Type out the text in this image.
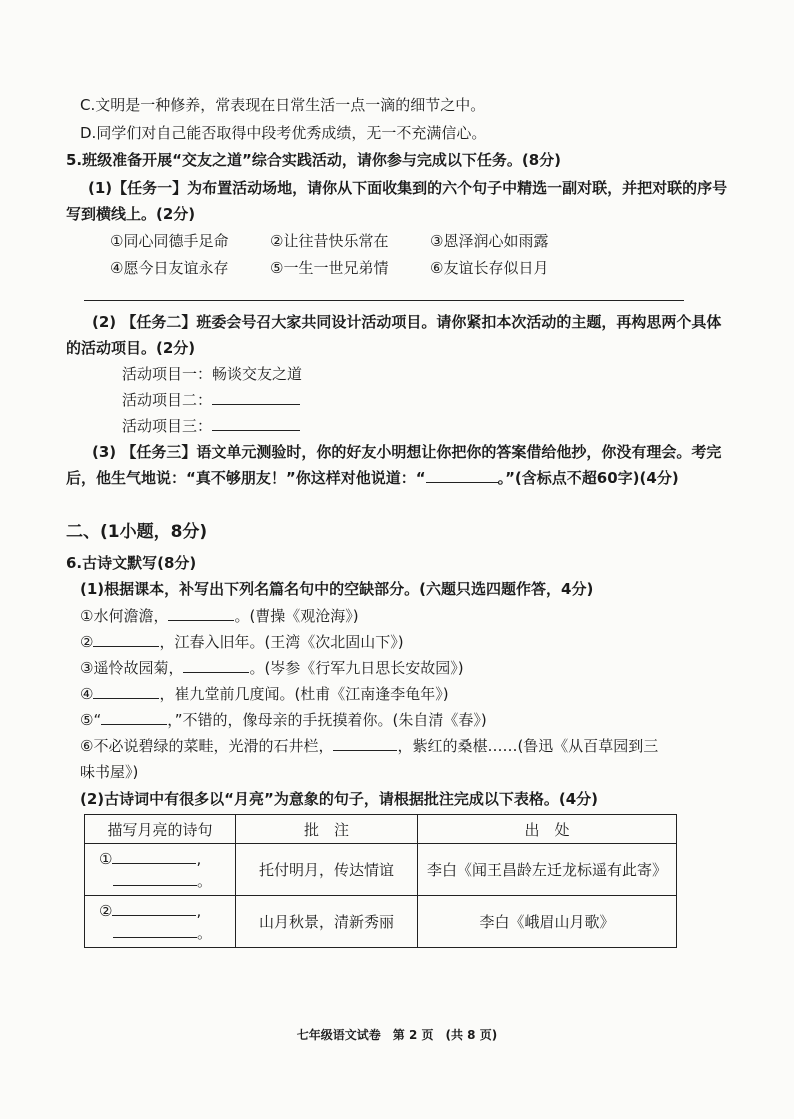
C.文明是一种修养，常表现在日常生活一点一滴的细节之中。
D.同学们对自己能否取得中段考优秀成绩，无一不充满信心。
5.班级准备开展“交友之道”综合实践活动，请你参与完成以下任务。(8分)
(1)【任务一】为布置活动场地，请你从下面收集到的六个句子中精选一副对联，并把对联的序号
写到横线上。(2分)
①同心同德手足命	②让往昔快乐常在	③恩泽润心如雨露
④愿今日友谊永存	⑤一生一世兄弟情	⑥友谊长存似日月
(2) 【任务二】班委会号召大家共同设计活动项目。请你紧扣本次活动的主题，再构思两个具体
的活动项目。(2分)
活动项目一：畅谈交友之道
活动项目二：
活动项目三：
(3) 【任务三】语文单元测验时，你的好友小明想让你把你的答案借给他抄，你没有理会。考完
后，他生气地说：“真不够朋友！”你这样对他说道：“	。”(含标点不超60字)(4分)
二、(1小题，8分)
6.古诗文默写(8分)
(1)根据课本，补写出下列名篇名句中的空缺部分。(六题只选四题作答，4分)
①水何澹澹，	。(曹操《观沧海》)
②	，江春入旧年。(王湾《次北固山下》)
③遥怜故园菊，	。(岑参《行军九日思长安故园》)
④	，崔九堂前几度闻。(杜甫《江南逢李龟年》)
⑤“	，”不错的，像母亲的手抚摸着你。(朱自清《春》)
⑥不必说碧绿的菜畦，光滑的石井栏，	，紫红的桑椹……(鲁迅《从百草园到三
味书屋》)
(2)古诗词中有很多以“月亮”为意象的句子，请根据批注完成以下表格。(4分)
描写月亮的诗句	批　注	出　处

① ,
。	托付明月，传达情谊	李白《闻王昌龄左迁龙标遥有此寄》

② ,
。	山月秋景，清新秀丽	李白《峨眉山月歌》
七年级语文试卷　第 2 页　(共 8 页)
